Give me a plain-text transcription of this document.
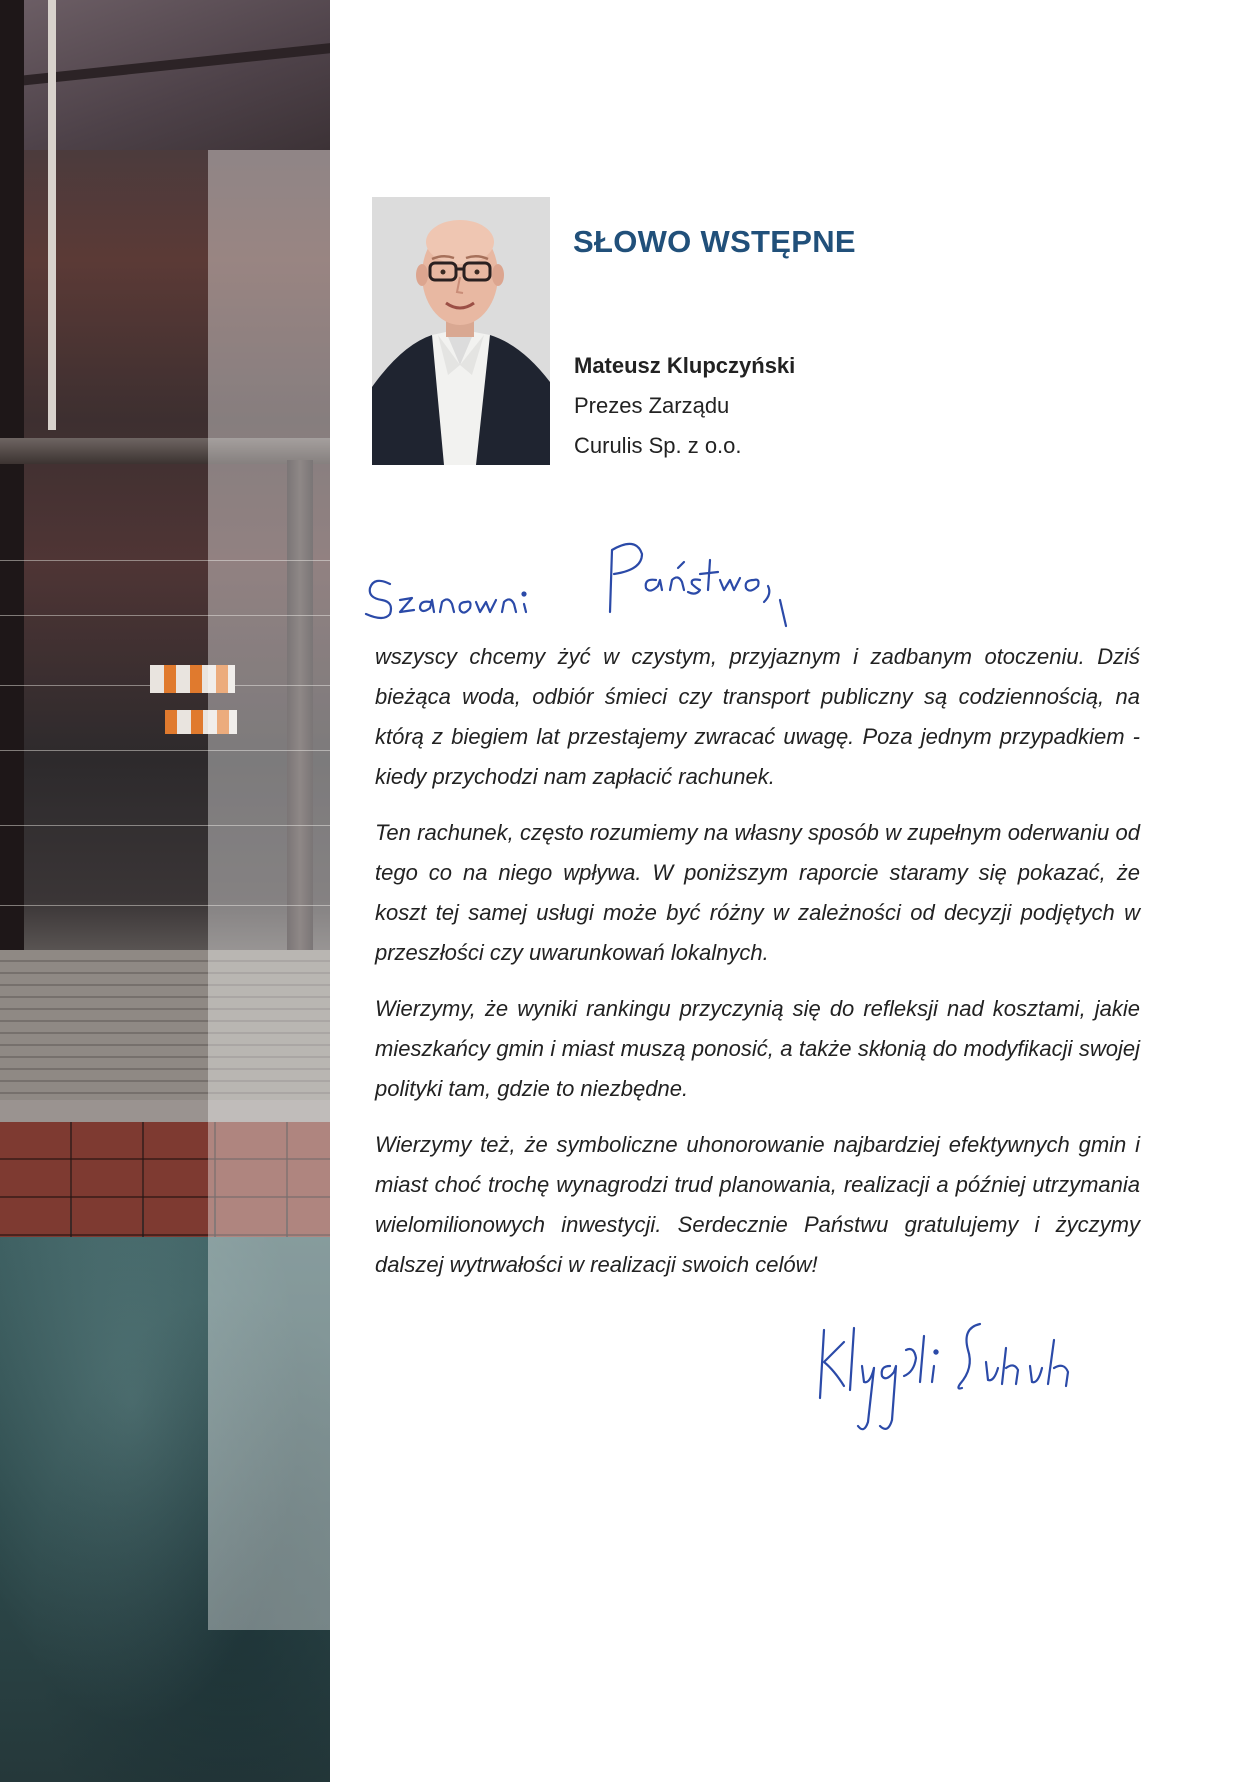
SŁOWO WSTĘPNE
Mateusz Klupczyński
Prezes Zarządu
Curulis Sp. z o.o.

wszyscy chcemy żyć w czystym, przyjaznym i zadbanym otoczeniu. Dziś bieżąca woda, odbiór śmieci czy transport publiczny są codziennością, na którą z biegiem lat przestajemy zwracać uwagę. Poza jednym przypadkiem - kiedy przychodzi nam zapłacić rachunek.

Ten rachunek, często rozumiemy na własny sposób w zupełnym oderwaniu od tego co na niego wpływa. W poniższym raporcie staramy się pokazać, że koszt tej samej usługi może być różny w zależności od decyzji podjętych w przeszłości czy uwarunkowań lokalnych.

Wierzymy, że wyniki rankingu przyczynią się do refleksji nad kosztami, jakie mieszkańcy gmin i miast muszą ponosić, a także skłonią do modyfikacji swojej polityki tam, gdzie to niezbędne.

Wierzymy też, że symboliczne uhonorowanie najbardziej efektywnych gmin i miast choć trochę wynagrodzi trud planowania, realizacji a później utrzymania wielomilionowych inwestycji. Serdecznie Państwu gratulujemy i życzymy dalszej wytrwałości w realizacji swoich celów!
